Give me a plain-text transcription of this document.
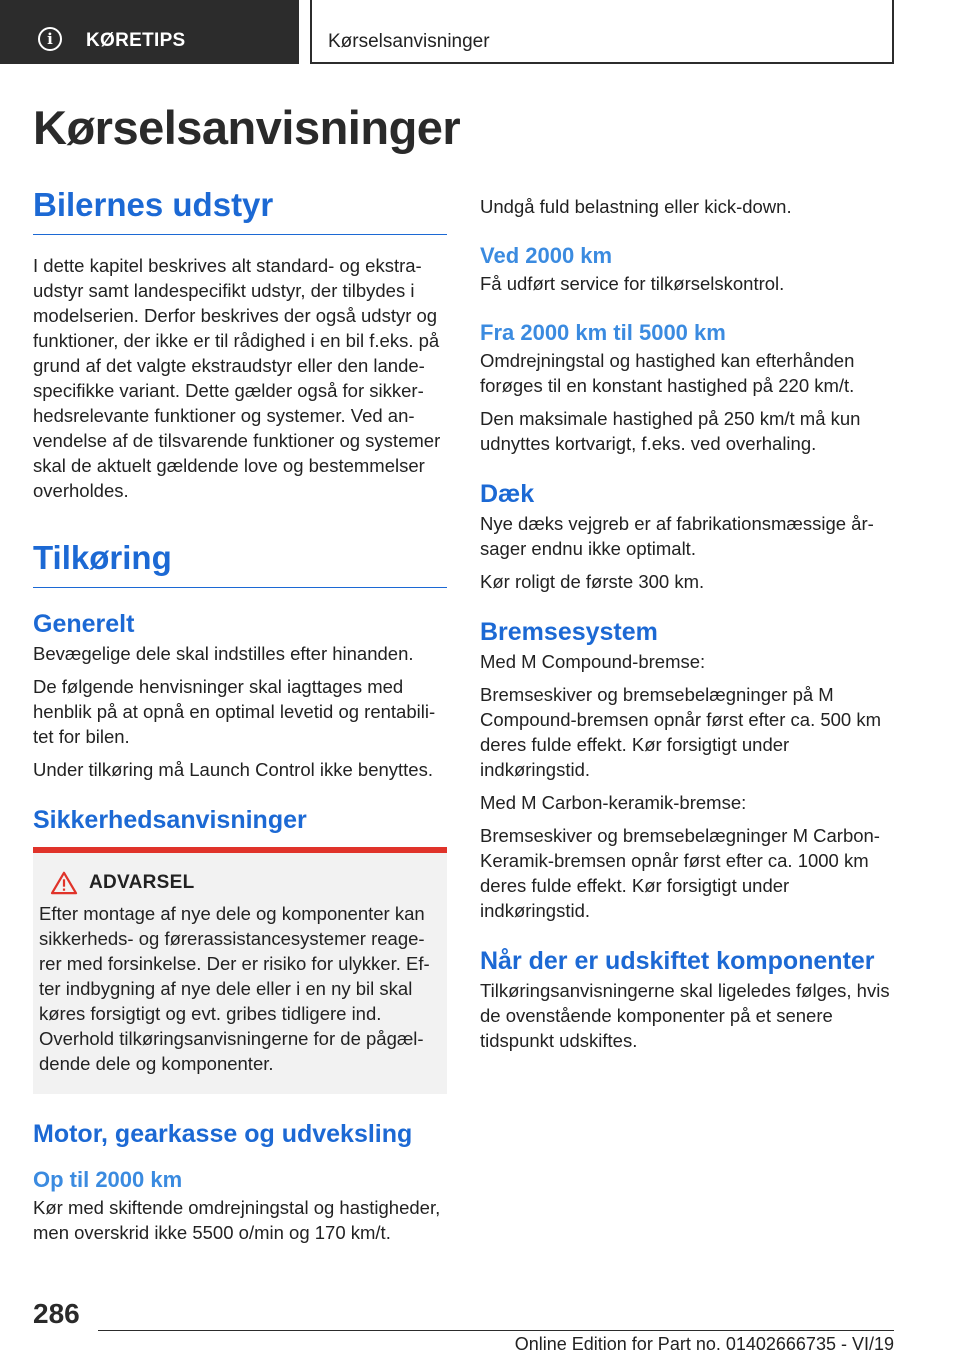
i	KØRETIPS	Kørselsanvisninger
Kørselsanvisninger
Bilernes udstyr

I dette kapitel beskrives alt standard- og ekstraudstyr samt landespecifikt udstyr, der tilbydes i modelserien. Derfor beskrives der også udstyr og funktioner, der ikke er til rådighed i en bil f.eks. på grund af det valgte ekstraudstyr eller den landespecifikke variant. Dette gælder også for sikkerhedsrelevante funktioner og systemer. Ved anvendelse af de tilsvarende funktioner og systemer skal de aktuelt gældende love og bestemmelser overholdes.

Tilkøring
Generelt

Bevægelige dele skal indstilles efter hinanden.

De følgende henvisninger skal iagttages med henblik på at opnå en optimal levetid og rentabilitet for bilen.

Under tilkøring må Launch Control ikke benyttes.

Sikkerhedsanvisninger
ADVARSEL

Efter montage af nye dele og komponenter kan sikkerheds- og førerassistancesystemer reagerer med forsinkelse. Der er risiko for ulykker. Efter indbygning af nye dele eller i en ny bil skal køres forsigtigt og evt. gribes tidligere ind. Overhold tilkøringsanvisningerne for de pågældende dele og komponenter.

Motor, gearkasse og udveksling
Op til 2000 km

Kør med skiftende omdrejningstal og hastigheder, men overskrid ikke 5500 o/min og 170 km/t.

Undgå fuld belastning eller kick-down.

Ved 2000 km

Få udført service for tilkørselskontrol.

Fra 2000 km til 5000 km

Omdrejningstal og hastighed kan efterhånden forøges til en konstant hastighed på 220 km/t.

Den maksimale hastighed på 250 km/t må kun udnyttes kortvarigt, f.eks. ved overhaling.

Dæk

Nye dæks vejgreb er af fabrikationsmæssige årsager endnu ikke optimalt.

Kør roligt de første 300 km.

Bremsesystem

Med M Compound-bremse:

Bremseskiver og bremsebelægninger på M Compound-bremsen opnår først efter ca. 500 km deres fulde effekt. Kør forsigtigt under indkøringstid.

Med M Carbon-keramik-bremse:

Bremseskiver og bremsebelægninger M Carbon-Keramik-bremsen opnår først efter ca. 1000 km deres fulde effekt. Kør forsigtigt under indkøringstid.

Når der er udskiftet komponenter

Tilkøringsanvisningerne skal ligeledes følges, hvis de ovenstående komponenter på et senere tidspunkt udskiftes.

286
Online Edition for Part no. 01402666735 - VI/19
